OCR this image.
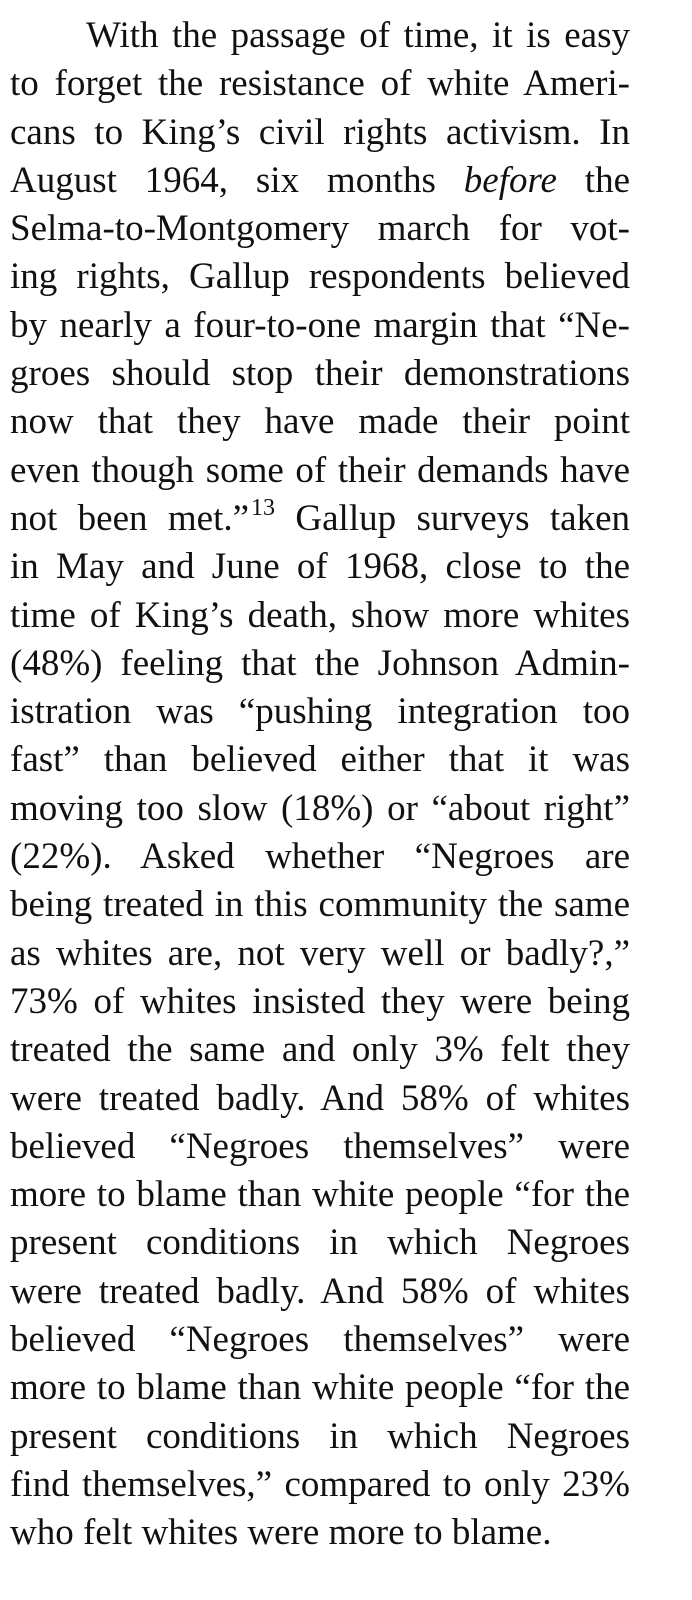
With the passage of time, it is easy
to forget the resistance of white Ameri-
cans to King’s civil rights activism. In
August 1964, six months before the
Selma-to-Montgomery march for vot-
ing rights, Gallup respondents believed
by nearly a four-to-one margin that “Ne-
groes should stop their demonstrations
now that they have made their point
even though some of their demands have
not been met.”$^{13}$ Gallup surveys taken
in May and June of 1968, close to the
time of King’s death, show more whites
(48%) feeling that the Johnson Admin-
istration was “pushing integration too
fast” than believed either that it was
moving too slow (18%) or “about right”
(22%). Asked whether “Negroes are
being treated in this community the same
as whites are, not very well or badly?,”
73% of whites insisted they were being
treated the same and only 3% felt they
were treated badly. And 58% of whites
believed “Negroes themselves” were
more to blame than white people “for the
present conditions in which Negroes
were treated badly. And 58% of whites
believed “Negroes themselves” were
more to blame than white people “for the
present conditions in which Negroes
find themselves,” compared to only 23%
who felt whites were more to blame.
